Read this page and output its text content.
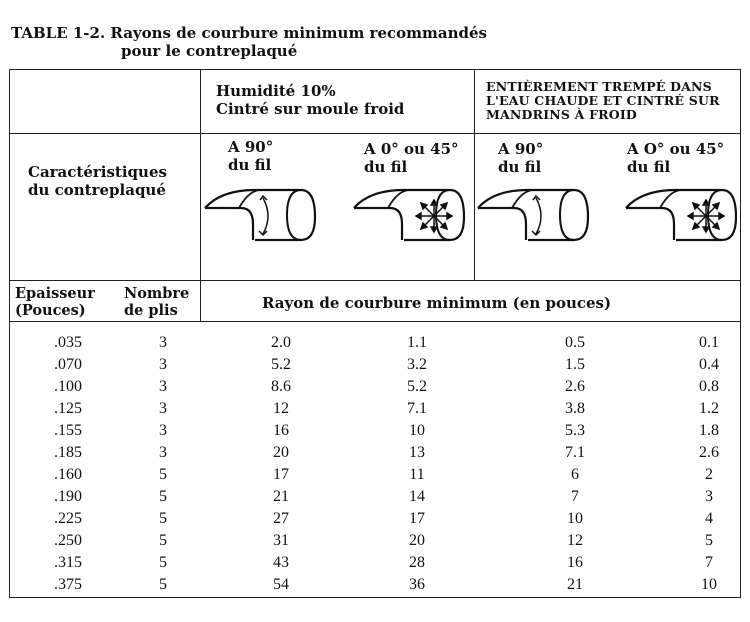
TABLE 1-2. Rayons de courbure minimum recommandés
pour le contreplaqué
Humidité 10%
Cintré sur moule froid
ENTIÈREMENT TREMPÉ DANS
L'EAU CHAUDE ET CINTRÉ SUR
MANDRINS À FROID
Caractéristiques
du contreplaqué
A 90°
du fil
A 0° ou 45°
du fil
A 90°
du fil
A O° ou 45°
du fil
Epaisseur
(Pouces)
Nombre
de plis	Rayon de courbure minimum (en pouces)
.035	3	2.0	1.1	0.5	0.1
.070	3	5.2	3.2	1.5	0.4
.100	3	8.6	5.2	2.6	0.8
.125	3	12	7.1	3.8	1.2
.155	3	16	10	5.3	1.8
.185	3	20	13	7.1	2.6
.160	5	17	11	6	2
.190	5	21	14	7	3
.225	5	27	17	10	4
.250	5	31	20	12	5
.315	5	43	28	16	7
.375	5	54	36	21	10
